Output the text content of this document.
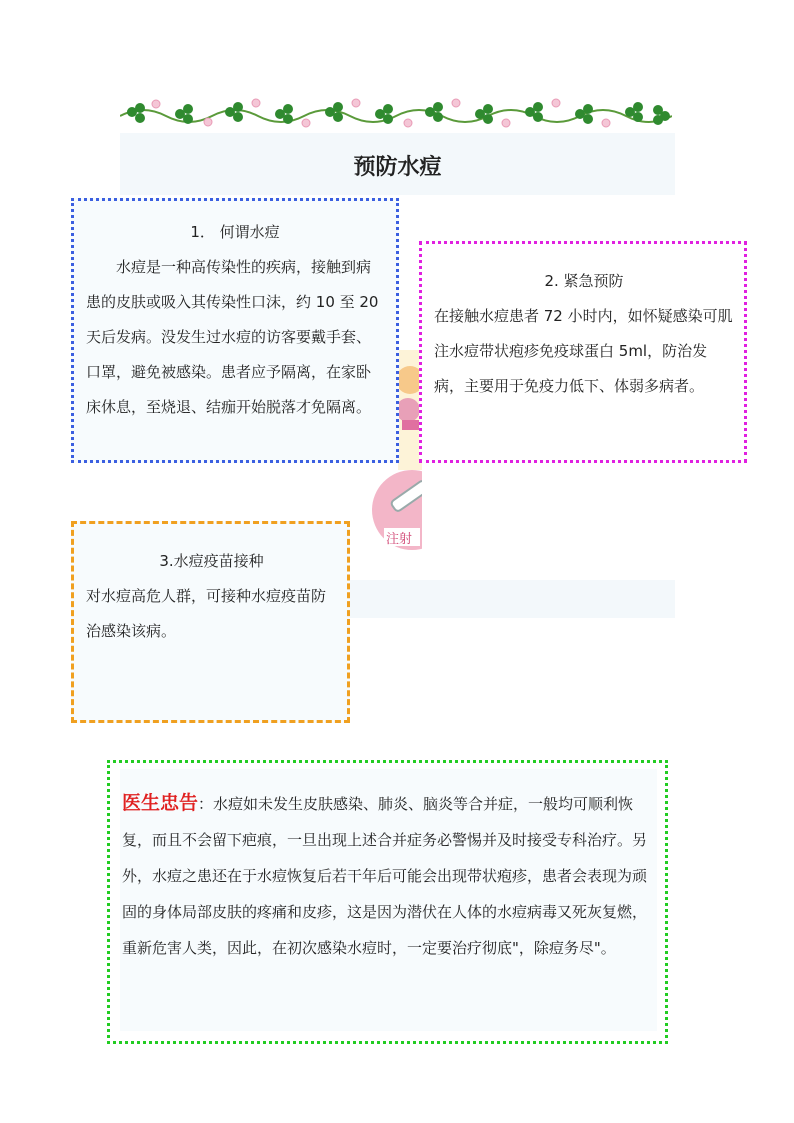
预防水痘
注射

1． 何谓水痘

水痘是一种高传染性的疾病，接触到病患的皮肤或吸入其传染性口沫，约 10 至 20 天后发病。没发生过水痘的访客要戴手套、口罩，避免被感染。患者应予隔离，在家卧床休息，至烧退、结痂开始脱落才免隔离。

2. 紧急预防

在接触水痘患者 72 小时内，如怀疑感染可肌注水痘带状疱疹免疫球蛋白 5ml，防治发病，主要用于免疫力低下、体弱多病者。

3.水痘疫苗接种

对水痘高危人群，可接种水痘疫苗防治感染该病。

医生忠告：水痘如未发生皮肤感染、肺炎、脑炎等合并症，一般均可顺利恢复，而且不会留下疤痕，一旦出现上述合并症务必警惕并及时接受专科治疗。另外，水痘之患还在于水痘恢复后若干年后可能会出现带状疱疹，患者会表现为顽固的身体局部皮肤的疼痛和皮疹，这是因为潜伏在人体的水痘病毒又死灰复燃，重新危害人类，因此，在初次感染水痘时，一定要治疗彻底"，除痘务尽"。
